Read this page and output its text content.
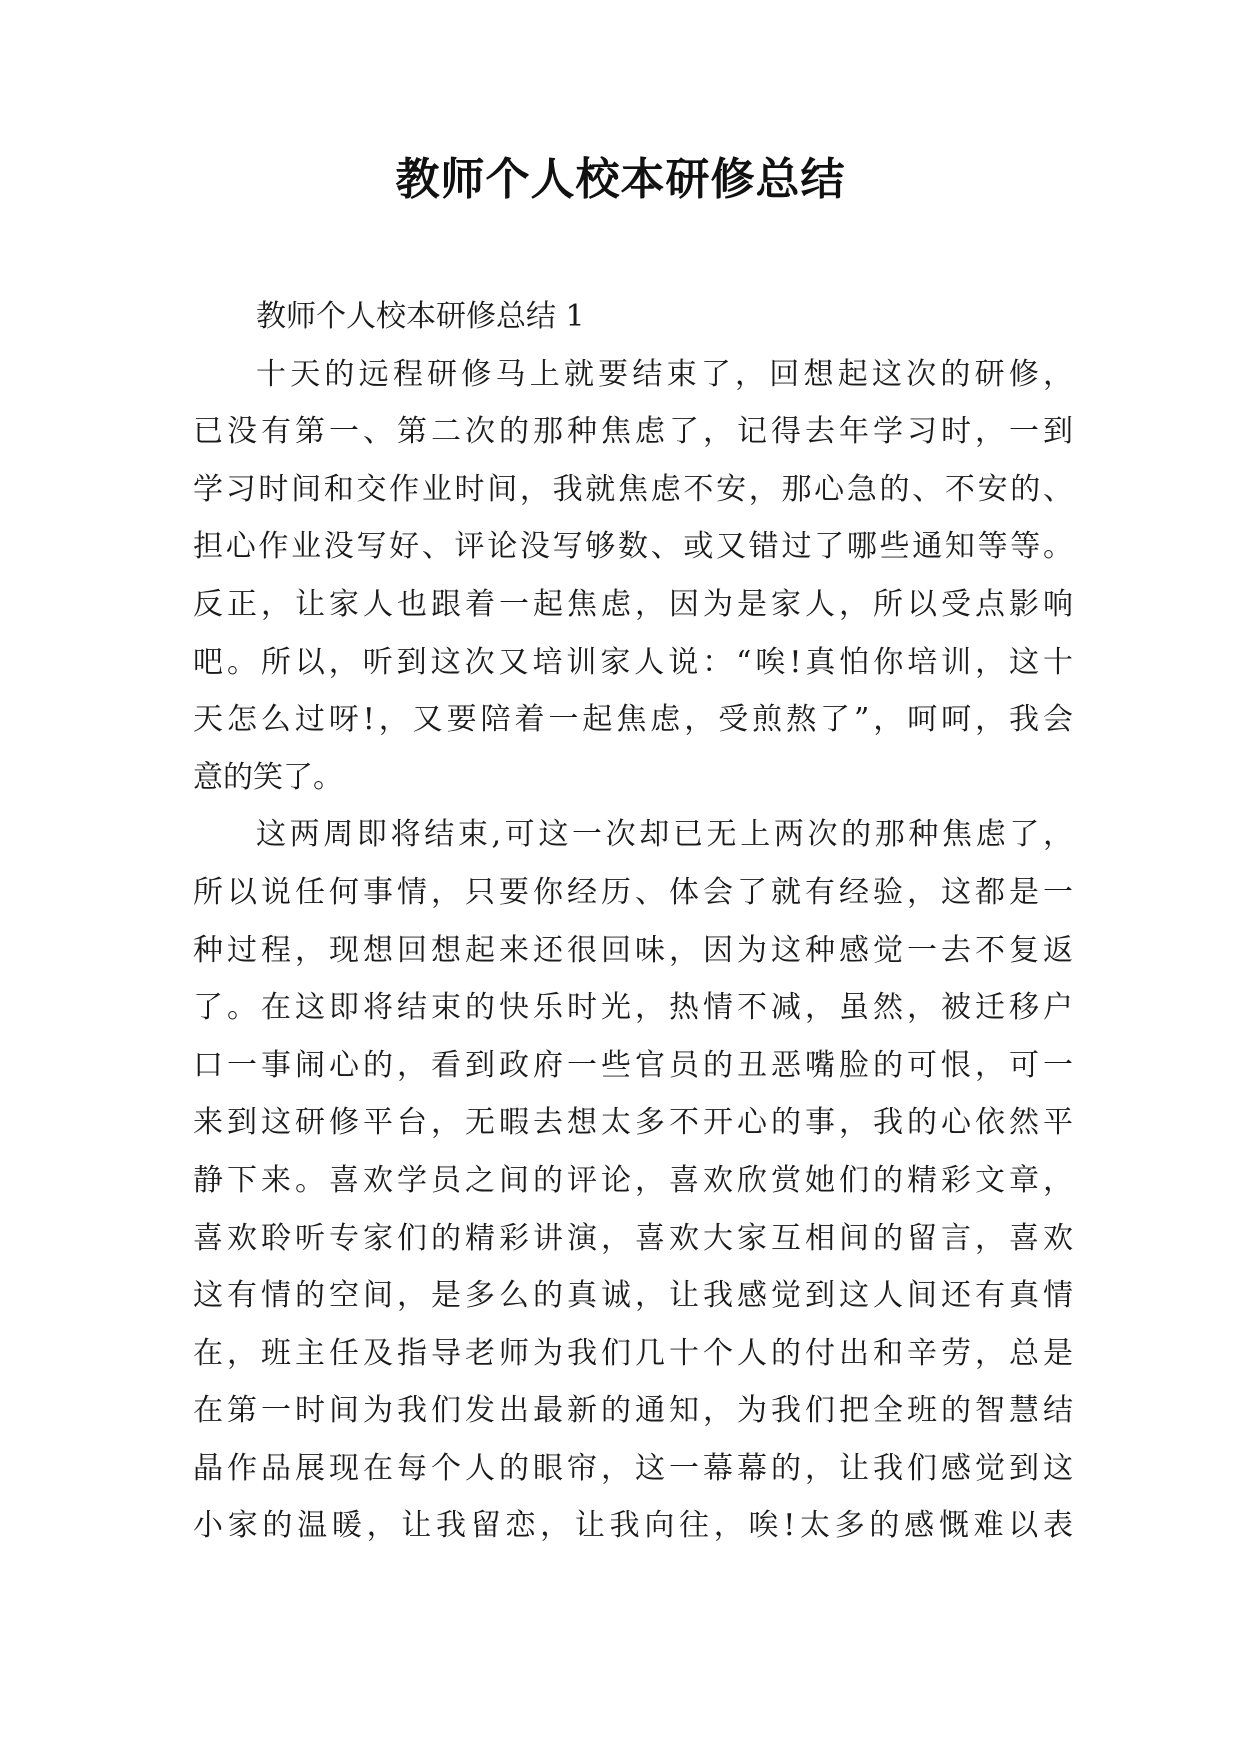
教师个人校本研修总结
教师个人校本研修总结 1
十天的远程研修马上就要结束了，回想起这次的研修，
已没有第一、第二次的那种焦虑了，记得去年学习时，一到
学习时间和交作业时间，我就焦虑不安，那心急的、不安的、
担心作业没写好、评论没写够数、或又错过了哪些通知等等。
反正，让家人也跟着一起焦虑，因为是家人，所以受点影响
吧。所以，听到这次又培训家人说：“唉!真怕你培训，这十
天怎么过呀!，又要陪着一起焦虑，受煎熬了”，呵呵，我会
意的笑了。
这两周即将结束,可这一次却已无上两次的那种焦虑了，
所以说任何事情，只要你经历、体会了就有经验，这都是一
种过程，现想回想起来还很回味，因为这种感觉一去不复返
了。在这即将结束的快乐时光，热情不减，虽然，被迁移户
口一事闹心的，看到政府一些官员的丑恶嘴脸的可恨，可一
来到这研修平台，无暇去想太多不开心的事，我的心依然平
静下来。喜欢学员之间的评论，喜欢欣赏她们的精彩文章，
喜欢聆听专家们的精彩讲演，喜欢大家互相间的留言，喜欢
这有情的空间，是多么的真诚，让我感觉到这人间还有真情
在，班主任及指导老师为我们几十个人的付出和辛劳，总是
在第一时间为我们发出最新的通知，为我们把全班的智慧结
晶作品展现在每个人的眼帘，这一幕幕的，让我们感觉到这
小家的温暖，让我留恋，让我向往，唉!太多的感慨难以表
